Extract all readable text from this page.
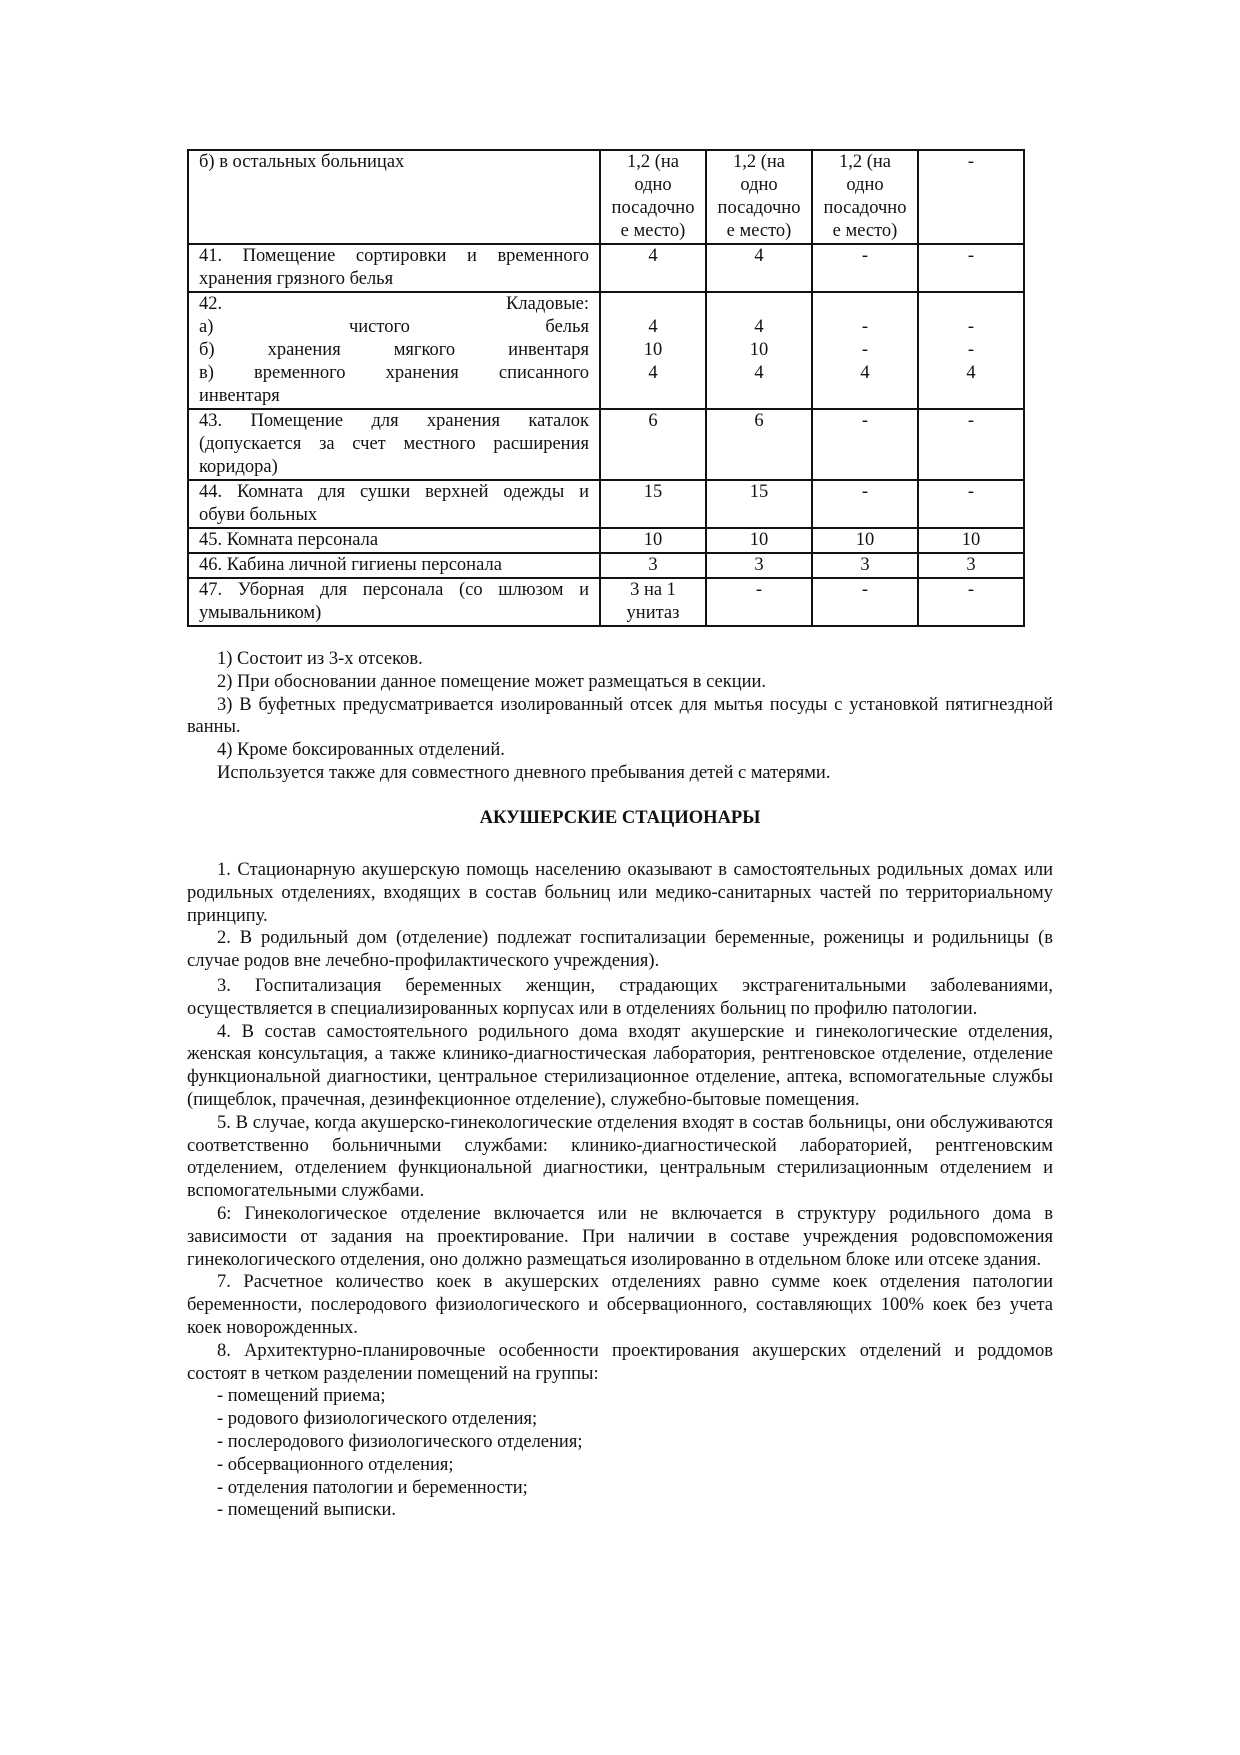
б) в остальных больницах	1,2 (на
одно
посадочно
е место)	1,2 (на
одно
посадочно
е место)	1,2 (на
одно
посадочно
е место)	-

41. Помещение сортировки и временного
хранения грязного белья	4	4	-	-

42. Кладовые:
а) чистого белья
б) хранения мягкого инвентаря
в) временного хранения списанного
инвентаря	4
10
4	4
10
4	-
-
4	-
-
4

43. Помещение для хранения каталок
(допускается за счет местного расширения
коридора)	6	6	-	-

44. Комната для сушки верхней одежды и
обуви больных	15	15	-	-

45. Комната персонала	10	10	10	10

46. Кабина личной гигиены персонала	3	3	3	3

47. Уборная для персонала (со шлюзом и
умывальником)	3 на 1
унитаз	-	-	-

1) Состоит из 3-х отсеков.

2) При обосновании данное помещение может размещаться в секции.

3) В буфетных предусматривается изолированный отсек для мытья посуды с установкой пятигнездной ванны.

4) Кроме боксированных отделений.

Используется также для совместного дневного пребывания детей с матерями.

АКУШЕРСКИЕ СТАЦИОНАРЫ

1. Стационарную акушерскую помощь населению оказывают в самостоятельных родильных домах или родильных отделениях, входящих в состав больниц или медико-санитарных частей по территориальному принципу.

2. В родильный дом (отделение) подлежат госпитализации беременные, роженицы и родильницы (в случае родов вне лечебно-профилактического учреждения).

3. Госпитализация беременных женщин, страдающих экстрагенитальными заболеваниями, осуществляется в специализированных корпусах или в отделениях больниц по профилю патологии.

4. В состав самостоятельного родильного дома входят акушерские и гинекологические отделения, женская консультация, а также клинико-диагностическая лаборатория, рентгеновское отделение, отделение функциональной диагностики, центральное стерилизационное отделение, аптека, вспомогательные службы (пищеблок, прачечная, дезинфекционное отделение), служебно-бытовые помещения.

5. В случае, когда акушерско-гинекологические отделения входят в состав больницы, они обслуживаются соответственно больничными службами: клинико-диагностической лабораторией, рентгеновским отделением, отделением функциональной диагностики, центральным стерилизационным отделением и вспомогательными службами.

6: Гинекологическое отделение включается или не включается в структуру родильного дома в зависимости от задания на проектирование. При наличии в составе учреждения родовспоможения гинекологического отделения, оно должно размещаться изолированно в отдельном блоке или отсеке здания.

7. Расчетное количество коек в акушерских отделениях равно сумме коек отделения патологии беременности, послеродового физиологического и обсервационного, составляющих 100% коек без учета коек новорожденных.

8. Архитектурно-планировочные особенности проектирования акушерских отделений и роддомов состоят в четком разделении помещений на группы:

- помещений приема;

- родового физиологического отделения;

- послеродового физиологического отделения;

- обсервационного отделения;

- отделения патологии и беременности;

- помещений выписки.
